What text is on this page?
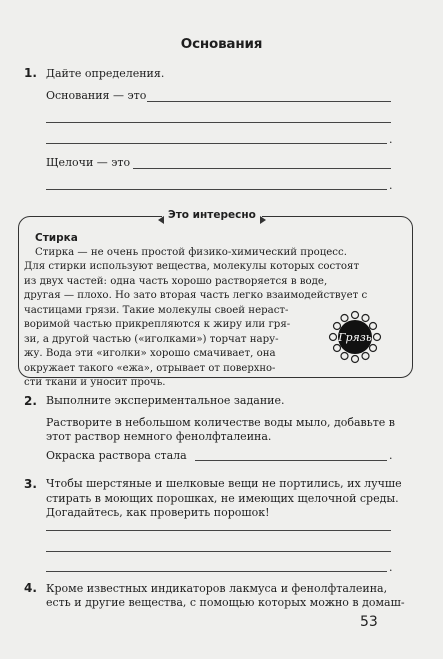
Основания
1. Дайте определения.
Основания — это
.
Щелочи — это
.
Это интересно
Стирка
Стирка — не очень простой физико-химический процесс.
Для стирки используют вещества, молекулы которых состоят
из двух частей: одна часть хорошо растворяется в воде,
другая — плохо. Но зато вторая часть легко взаимодействует с
частицами грязи. Такие молекулы своей нераст-
воримой частью прикрепляются к жиру или гря-
зи, а другой частью («иголками») торчат нару-
жу. Вода эти «иголки» хорошо смачивает, она
окружает такого «ежа», отрывает от поверхно-
сти ткани и уносит прочь.
Грязь
2. Выполните экспериментальное задание.
Растворите в небольшом количестве воды мыло, добавьте в
этот раствор немного фенолфталеина.
Окраска раствора стала	.
3. Чтобы шерстяные и шелковые вещи не портились, их лучше
стирать в моющих порошках, не имеющих щелочной среды.
Догадайтесь, как проверить порошок!
.
4. Кроме известных индикаторов лакмуса и фенолфталеина,
есть и другие вещества, с помощью которых можно в домаш-
53
